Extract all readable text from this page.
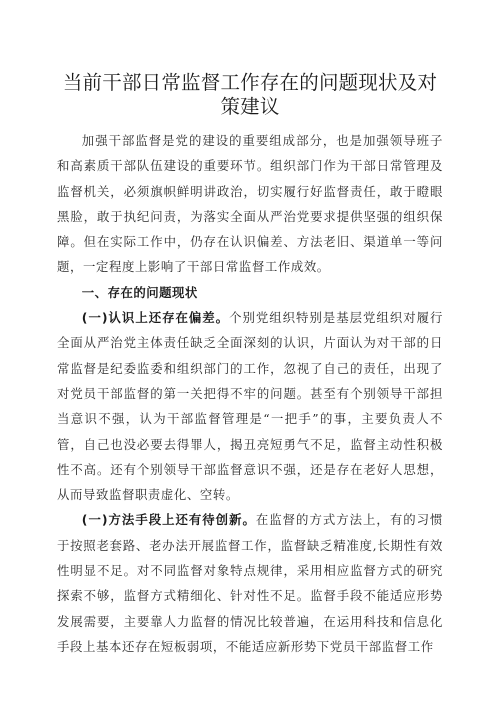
当前干部日常监督工作存在的问题现状及对
策建议

加强干部监督是党的建设的重要组成部分，也是加强领导班子和高素质干部队伍建设的重要环节。组织部门作为干部日常管理及监督机关，必须旗帜鲜明讲政治，切实履行好监督责任，敢于瞪眼黑脸，敢于执纪问责，为落实全面从严治党要求提供坚强的组织保障。但在实际工作中，仍存在认识偏差、方法老旧、渠道单一等问题，一定程度上影响了干部日常监督工作成效。

一、存在的问题现状

(一)认识上还存在偏差。个别党组织特别是基层党组织对履行全面从严治党主体责任缺乏全面深刻的认识，片面认为对干部的日常监督是纪委监委和组织部门的工作，忽视了自己的责任，出现了对党员干部监督的第一关把得不牢的问题。甚至有个别领导干部担当意识不强，认为干部监督管理是“一把手”的事，主要负责人不管，自己也没必要去得罪人，揭丑亮短勇气不足，监督主动性积极性不高。还有个别领导干部监督意识不强，还是存在老好人思想，从而导致监督职责虚化、空转。

(一)方法手段上还有待创新。在监督的方式方法上，有的习惯于按照老套路、老办法开展监督工作，监督缺乏精准度,长期性有效性明显不足。对不同监督对象特点规律，采用相应监督方式的研究探索不够，监督方式精细化、针对性不足。监督手段不能适应形势发展需要，主要靠人力监督的情况比较普遍，在运用科技和信息化手段上基本还存在短板弱项，不能适应新形势下党员干部监督工作
